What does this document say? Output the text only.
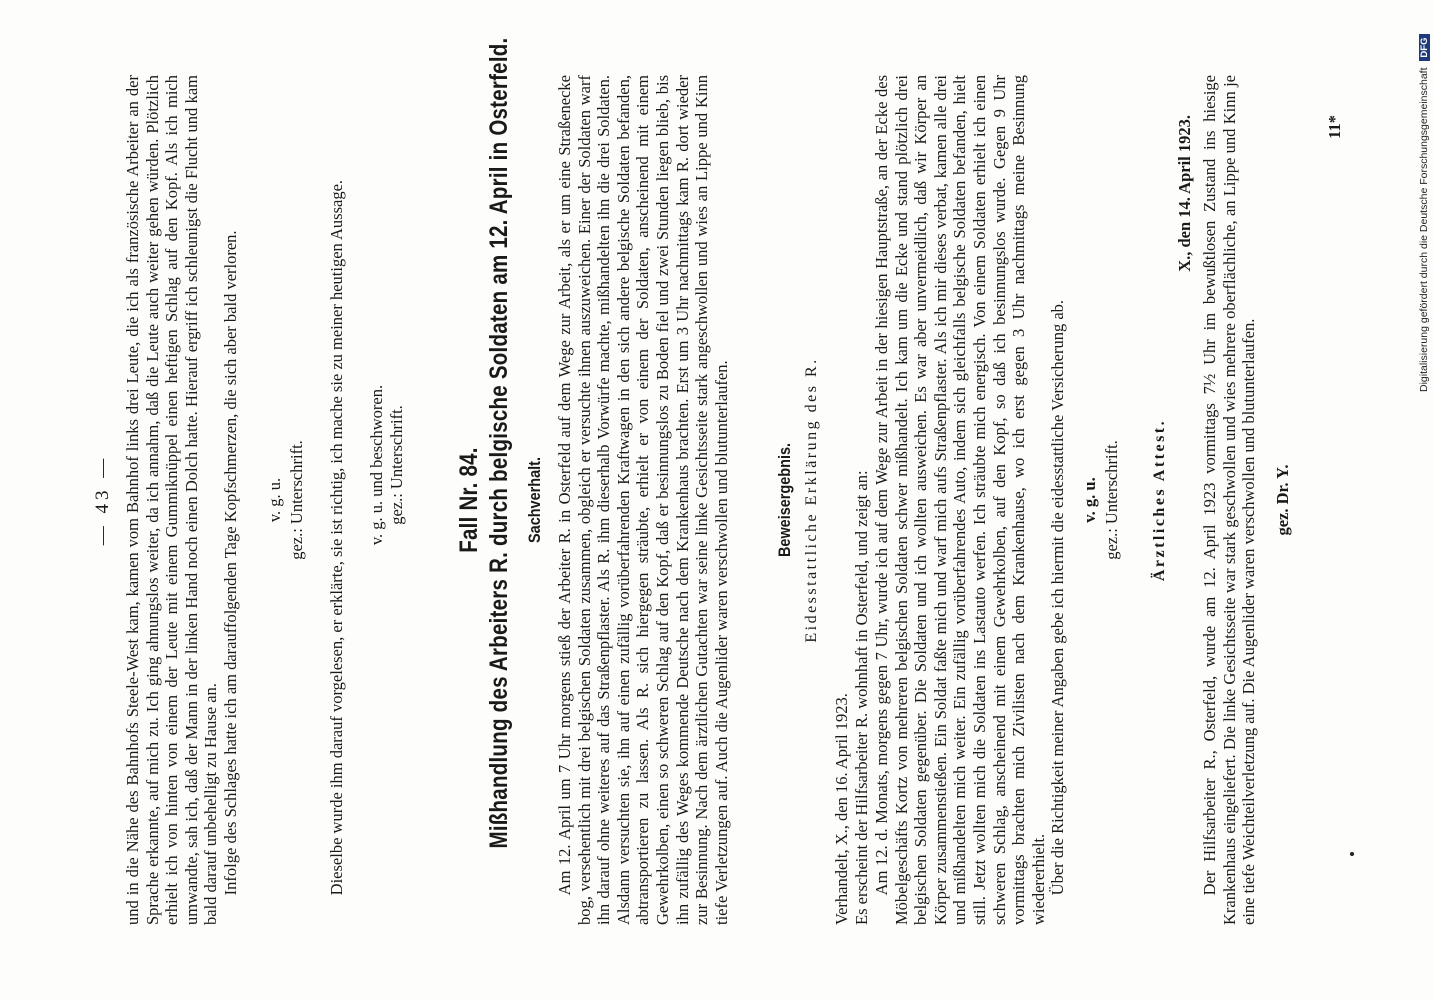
— 43 — und in die Nähe des Bahnhofs Steele-West kam, kamen vom Bahnhof links drei Leute, die ich als französische Arbeiter an der Sprache erkannte, auf mich zu. Ich ging ahnungslos weiter, da ich annahm, daß die Leute auch weiter gehen würden. Plötzlich erhielt ich von hinten von einem der Leute mit einem Gummiknüppel einen heftigen Schlag auf den Kopf. Als ich mich umwandte, sah ich, daß der Mann in der linken Hand noch einen Dolch hatte. Hierauf ergriff ich schleunigst die Flucht und kam bald darauf unbehelligt zu Hause an. Infolge des Schlages hatte ich am darauffolgenden Tage Kopfschmerzen, die sich aber bald verloren. v. g. u. gez.: Unterschrift. Dieselbe wurde ihm darauf vorgelesen, er erklärte, sie ist richtig, ich mache sie zu meiner heutigen Aussage. v. g. u. und beschworen. gez.: Unterschrift. Fall Nr. 84. Mißhandlung des Arbeiters R. durch belgische Soldaten am 12. April in Osterfeld. Sachverhalt. Am 12. April um 7 Uhr morgens stieß der Arbeiter R. in Osterfeld auf dem Wege zur Arbeit, als er um eine Straßenecke bog, versehentlich mit drei belgischen Soldaten zusammen, obgleich er versuchte ihnen auszuweichen. Einer der Soldaten warf ihn darauf ohne weiteres auf das Straßenpflaster. Als R. ihm dieserhalb Vorwürfe machte, mißhandelten ihn die drei Soldaten. Alsdann versuchten sie, ihn auf einen zufällig vorüberfahrenden Kraftwagen in den sich andere belgische Soldaten befanden, abtransportieren zu lassen. Als R. sich hiergegen sträubte, erhielt er von einem der Soldaten, anscheinend mit einem Gewehrkolben, einen so schweren Schlag auf den Kopf, daß er besinnungslos zu Boden fiel und zwei Stunden liegen blieb, bis ihn zufällig des Weges kommende Deutsche nach dem Krankenhaus brachten. Erst um 3 Uhr nachmittags kam R. dort wieder zur Besinnung. Nach dem ärztlichen Gutachten war seine linke Gesichtsseite stark angeschwollen und wies an Lippe und Kinn tiefe Verletzungen auf. Auch die Augenlider waren verschwollen und blutunterlaufen.	Beweisergebnis. Eidesstattliche Erklärung des R.
Verhandelt, X., den 16. April 1923. Es erscheint der Hilfsarbeiter R. wohnhaft in Osterfeld, und zeigt an: Am 12. d. Monats, morgens gegen 7 Uhr, wurde ich auf dem Wege zur Arbeit in der hiesigen Hauptstraße, an der Ecke des Möbelgeschäfts Kortz von mehreren belgischen Soldaten schwer mißhandelt. Ich kam um die Ecke und stand plötzlich drei belgischen Soldaten gegenüber. Die Soldaten und ich wollten ausweichen. Es war aber unvermeidlich, daß wir Körper an Körper zusammenstießen. Ein Soldat faßte mich und warf mich aufs Straßenpflaster. Als ich mir dieses verbat, kamen alle drei und mißhandelten mich weiter. Ein zufällig vorüberfahrendes Auto, indem sich gleichfalls belgische Soldaten befanden, hielt still. Jetzt wollten mich die Soldaten ins Lastauto werfen. Ich sträubte mich energisch. Von einem Soldaten erhielt ich einen schweren Schlag, anscheinend mit einem Gewehrkolben, auf den Kopf, so daß ich besinnungslos wurde. Gegen 9 Uhr vormittags brachten mich Zivilisten nach dem Krankenhause, wo ich erst gegen 3 Uhr nachmittags meine Besinnung wiedererhielt. Über die Richtigkeit meiner Angaben gebe ich hiermit die eidesstattliche Versicherung ab. v. g. u. gez.: Unterschrift. Ärztliches Attest.
X., den 14. April 1923. Der Hilfsarbeiter R., Osterfeld, wurde am 12. April 1923 vormittags 7½ Uhr im bewußtlosen Zustand ins hiesige Krankenhaus eingeliefert. Die linke Gesichtsseite war stark geschwollen und wies mehrere oberflächliche, an Lippe und Kinn je eine tiefe Weichteilverletzung auf. Die Augenlider waren verschwollen und blutunterlaufen. gez. Dr. Y.
11*	Digitalisierung gefördert durch die Deutsche Forschungsgemeinschaft DFG
